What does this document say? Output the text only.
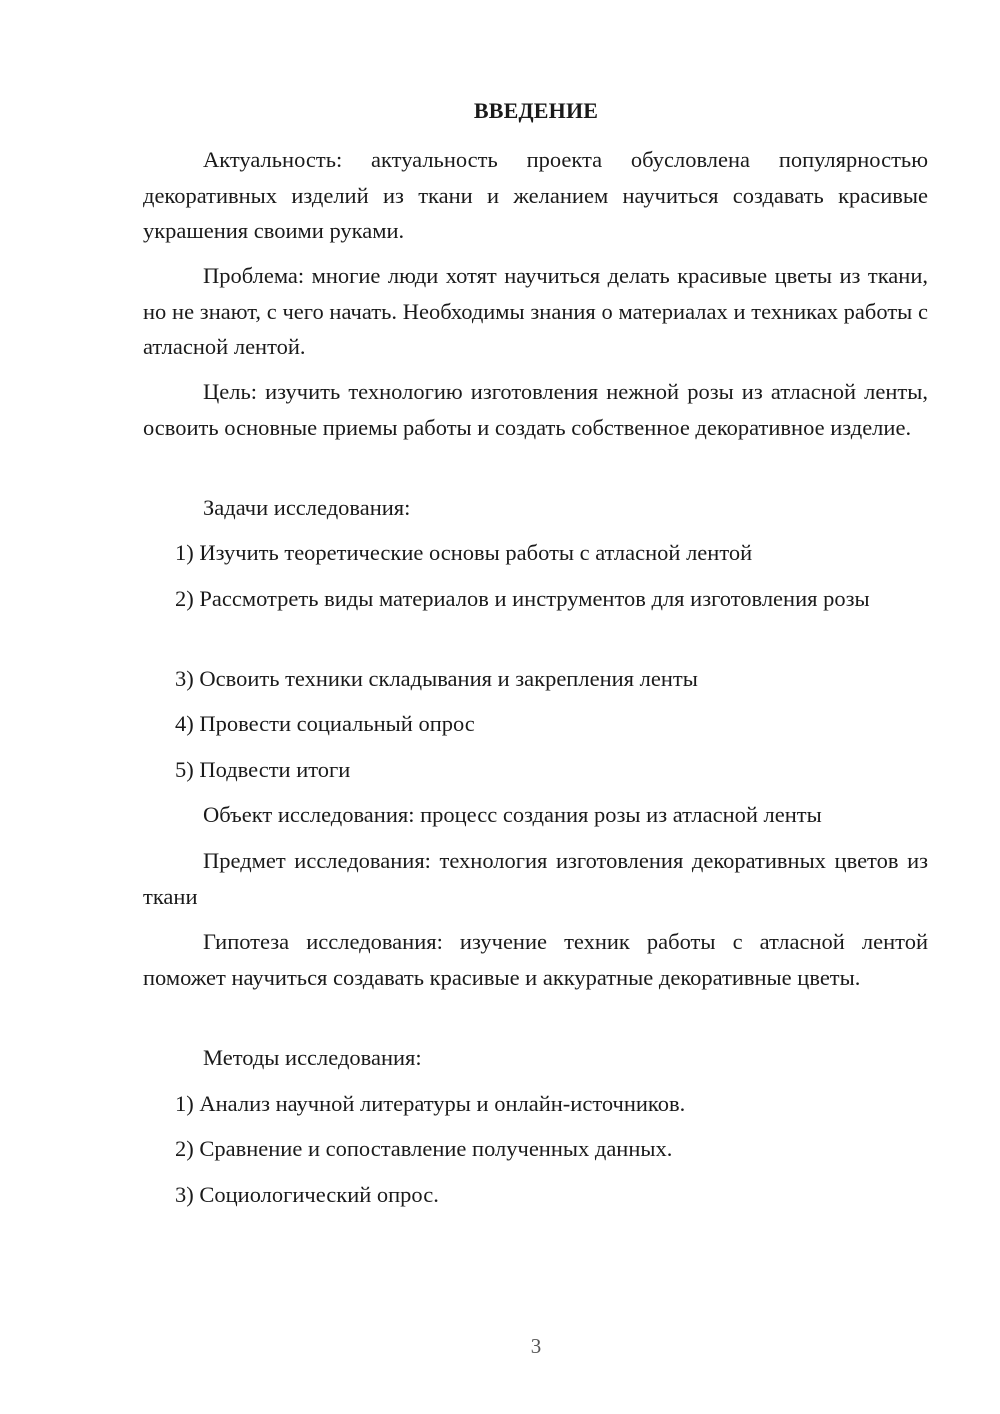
ВВЕДЕНИЕ

Актуальность: актуальность проекта обусловлена популярностью декоративных изделий из ткани и желанием научиться создавать красивые украшения своими руками.

Проблема: многие люди хотят научиться делать красивые цветы из ткани, но не знают, с чего начать. Необходимы знания о материалах и техниках работы с атласной лентой.

Цель: изучить технологию изготовления нежной розы из атласной ленты, освоить основные приемы работы и создать собственное декоративное изделие.

Задачи исследования:

1) Изучить теоретические основы работы с атласной лентой

2) Рассмотреть виды материалов и инструментов для изготовления розы

3) Освоить техники складывания и закрепления ленты

4) Провести социальный опрос

5) Подвести итоги

Объект исследования: процесс создания розы из атласной ленты

Предмет исследования: технология изготовления декоративных цветов из ткани

Гипотеза исследования: изучение техник работы с атласной лентой поможет научиться создавать красивые и аккуратные декоративные цветы.

Методы исследования:

1) Анализ научной литературы и онлайн-источников.

2) Сравнение и сопоставление полученных данных.

3) Социологический опрос.

3
